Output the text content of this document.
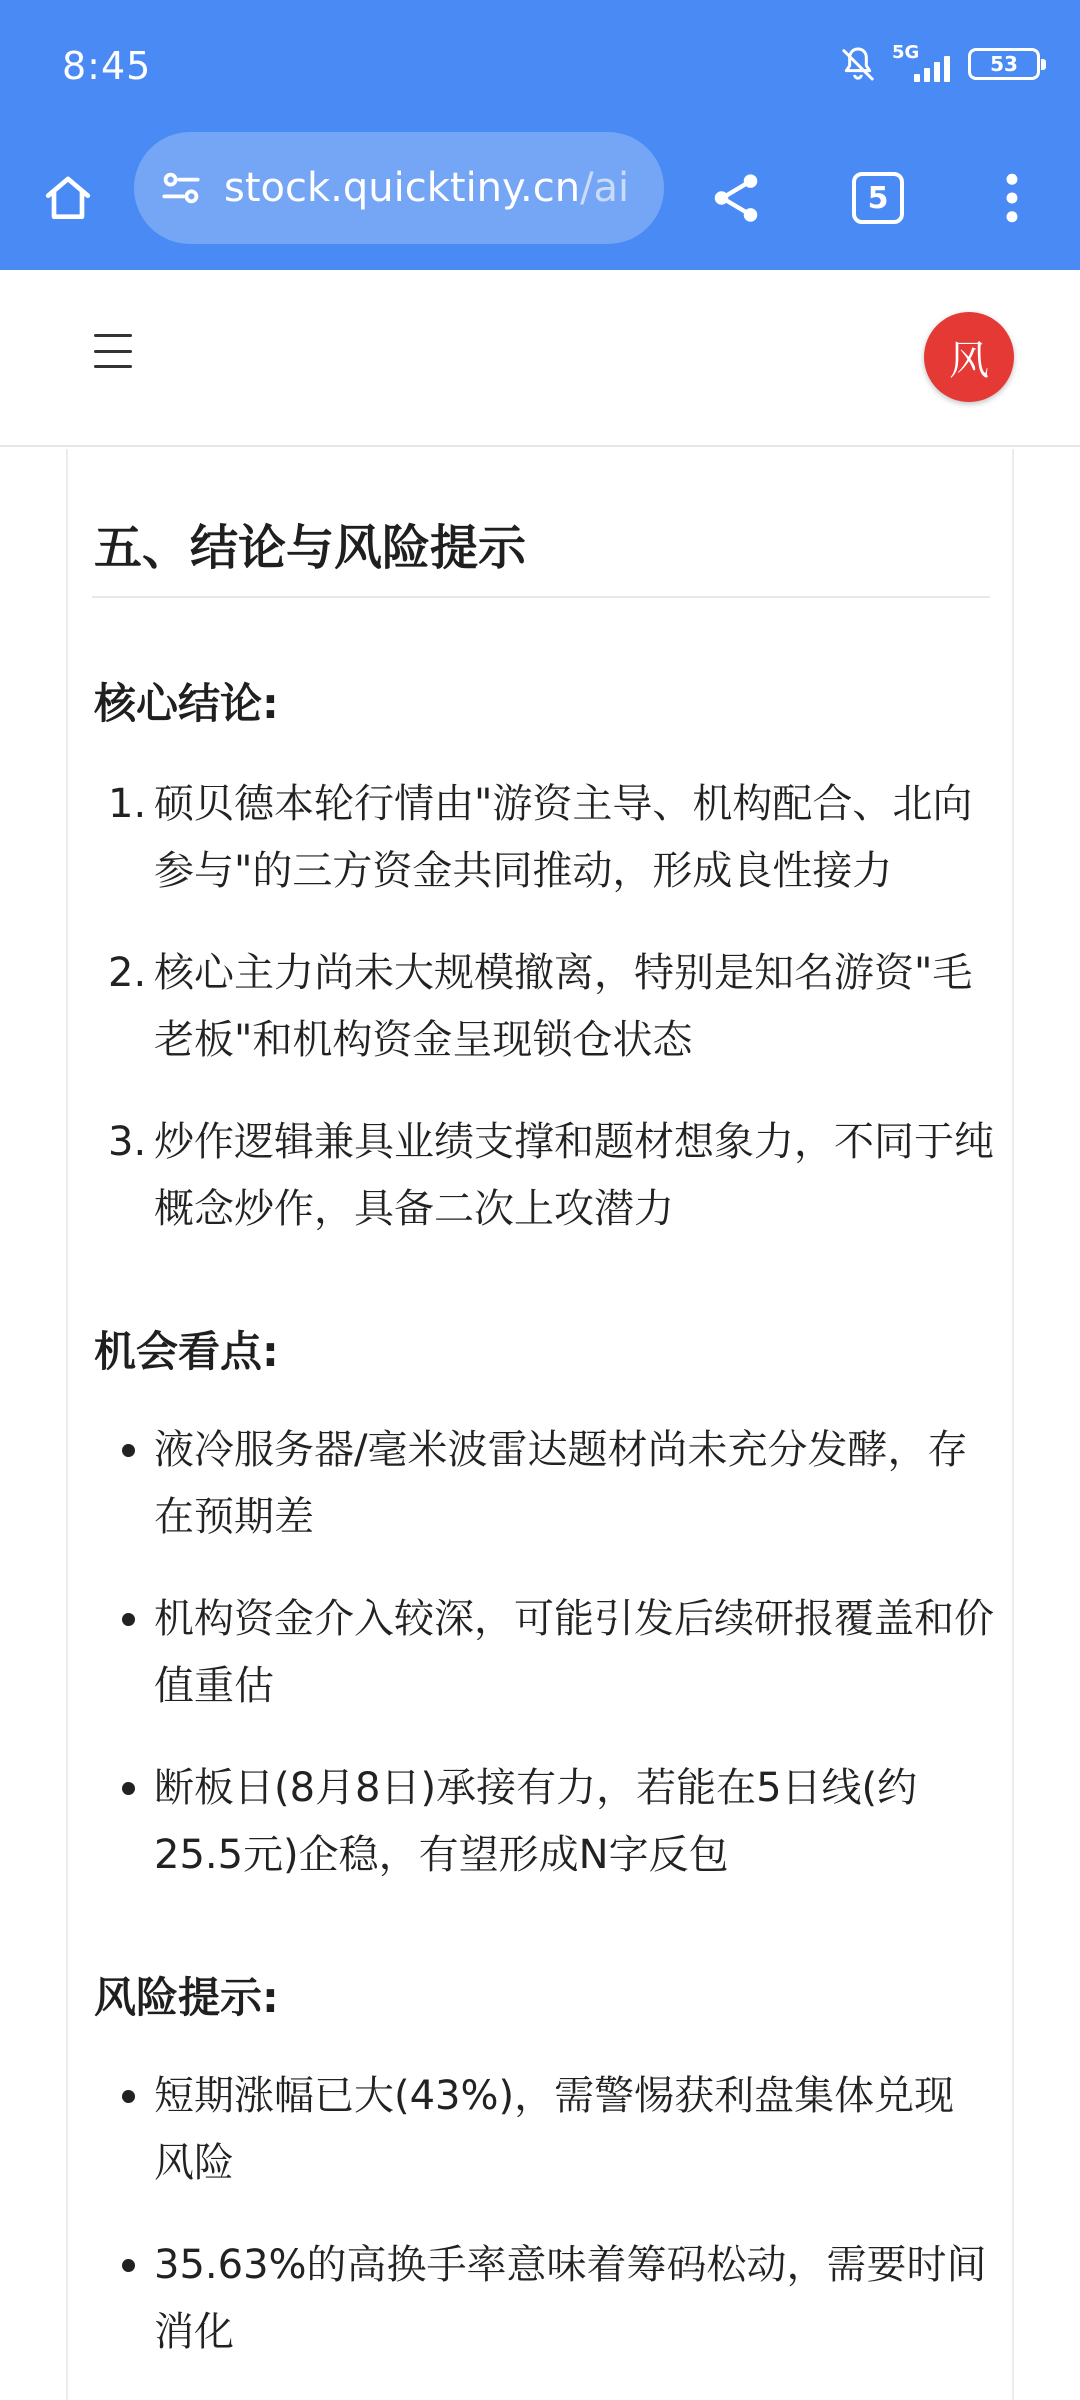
8:45	5G	53
stock.quicktiny.cn/ai	5
风
五、结论与风险提示
核心结论:
1. 硕贝德本轮行情由"游资主导、机构配合、北向参与"的三方资金共同推动，形成良性接力
2. 核心主力尚未大规模撤离，特别是知名游资"毛老板"和机构资金呈现锁仓状态
3. 炒作逻辑兼具业绩支撑和题材想象力，不同于纯概念炒作，具备二次上攻潜力
机会看点:
液冷服务器/毫米波雷达题材尚未充分发酵，存在预期差
机构资金介入较深，可能引发后续研报覆盖和价值重估
断板日(8月8日)承接有力，若能在5日线(约25.5元)企稳，有望形成N字反包
风险提示:
短期涨幅已大(43%)，需警惕获利盘集体兑现风险
35.63%的高换手率意味着筹码松动，需要时间消化
